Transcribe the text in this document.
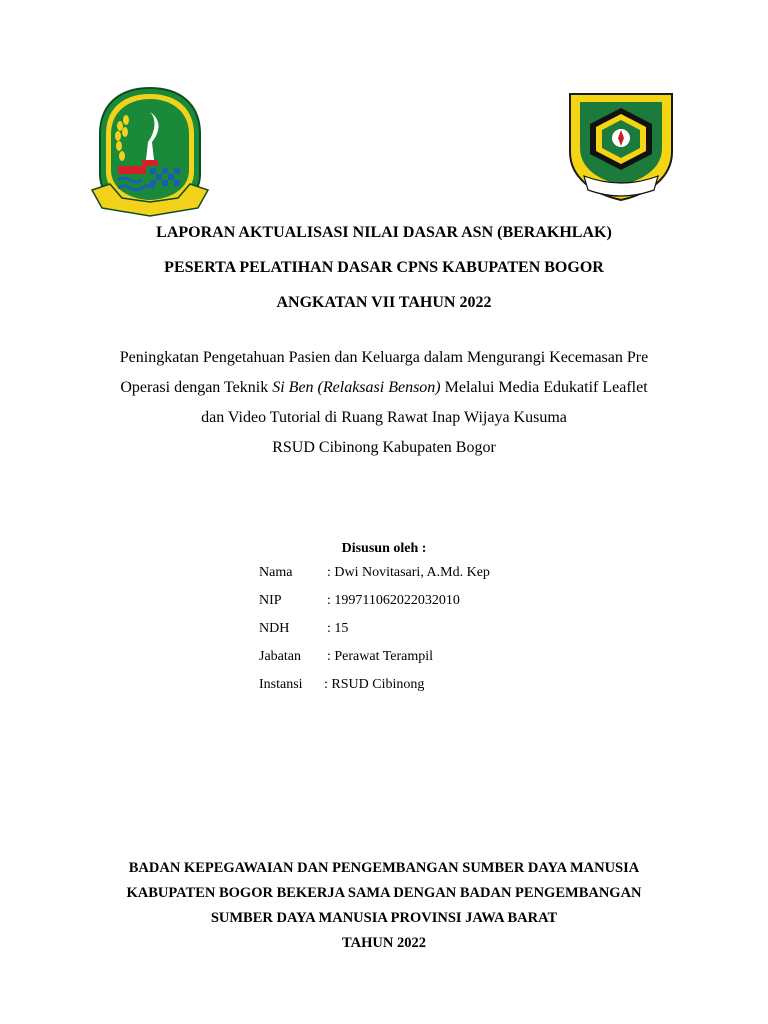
LAPORAN AKTUALISASI NILAI DASAR ASN (BERAKHLAK)
PESERTA PELATIHAN DASAR CPNS KABUPATEN BOGOR
ANGKATAN VII TAHUN 2022
Peningkatan Pengetahuan Pasien dan Keluarga dalam Mengurangi Kecemasan Pre
Operasi dengan Teknik Si Ben (Relaksasi Benson) Melalui Media Edukatif Leaflet
dan Video Tutorial di Ruang Rawat Inap Wijaya Kusuma
RSUD Cibinong Kabupaten Bogor
Disusun oleh :
Nama : Dwi Novitasari, A.Md. Kep
NIP	: 199711062022032010
NDH	: 15
Jabatan : Perawat Terampil
Instansi : RSUD Cibinong
BADAN KEPEGAWAIAN DAN PENGEMBANGAN SUMBER DAYA MANUSIA
KABUPATEN BOGOR BEKERJA SAMA DENGAN BADAN PENGEMBANGAN
SUMBER DAYA MANUSIA PROVINSI JAWA BARAT
TAHUN 2022
